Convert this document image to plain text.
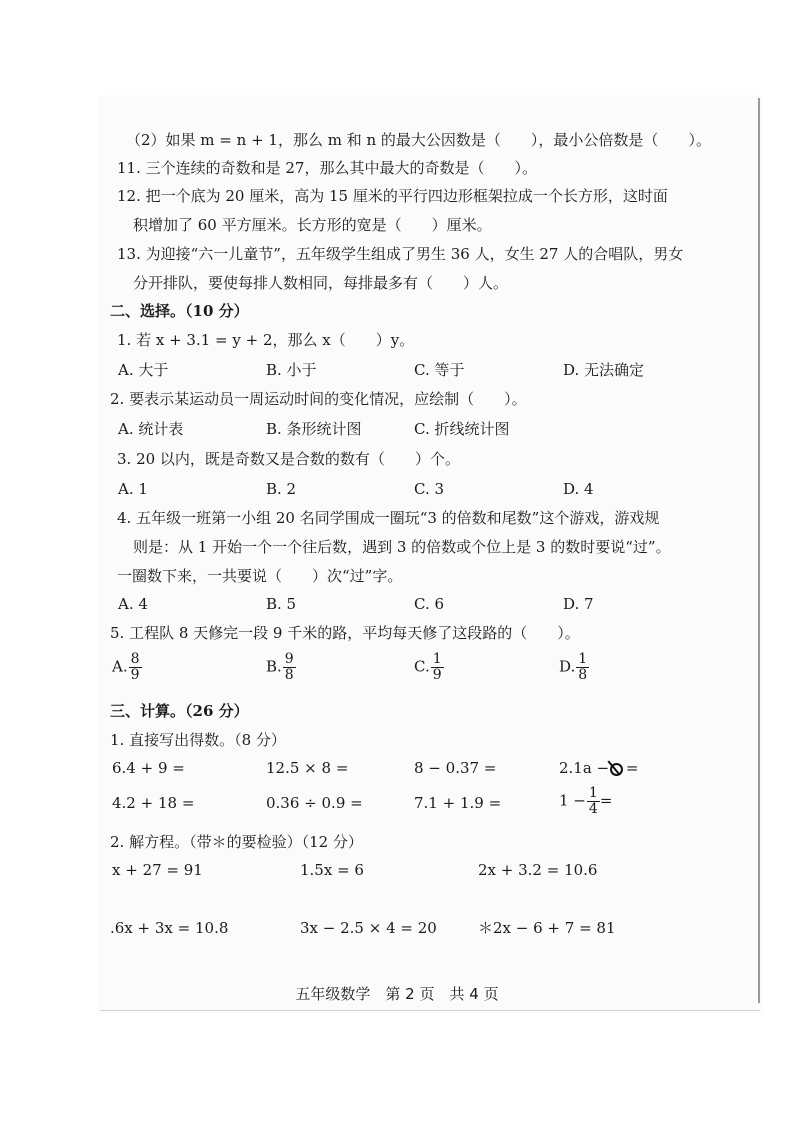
（2）如果 m = n + 1，那么 m 和 n 的最大公因数是（ ），最小公倍数是（ ）。
11. 三个连续的奇数和是 27，那么其中最大的奇数是（ ）。
12. 把一个底为 20 厘米，高为 15 厘米的平行四边形框架拉成一个长方形，这时面
积增加了 60 平方厘米。长方形的宽是（ ）厘米。
13. 为迎接“六一儿童节”，五年级学生组成了男生 36 人，女生 27 人的合唱队，男女
分开排队，要使每排人数相同，每排最多有（ ）人。
二、选择。（10 分）
1. 若 x + 3.1 = y + 2，那么 x（ ）y。
A. 大于	B. 小于	C. 等于	D. 无法确定
2. 要表示某运动员一周运动时间的变化情况，应绘制（ ）。
A. 统计表	B. 条形统计图	C. 折线统计图
3. 20 以内，既是奇数又是合数的数有（ ）个。
A. 1	B. 2	C. 3	D. 4
4. 五年级一班第一小组 20 名同学围成一圈玩“3 的倍数和尾数”这个游戏，游戏规
则是：从 1 开始一个一个往后数，遇到 3 的倍数或个位上是 3 的数时要说“过”。
一圈数下来，一共要说（ ）次“过”字。
A. 4	B. 5	C. 6	D. 7
5. 工程队 8 天修完一段 9 千米的路，平均每天修了这段路的（ ）。
A. $\frac{8}{9}$	B. $\frac{9}{8}$	C. $\frac{1}{9}$	D. $\frac{1}{8}$
三、计算。（26 分）
1. 直接写出得数。（8 分）
6.4 + 9 =	12.5 × 8 =	8 − 0.37 =	2.1a − =
4.2 + 18 =	0.36 ÷ 0.9 =	7.1 + 1.9 =	$1 - \frac{1}{4}$ =
2. 解方程。（带＊的要检验）（12 分）
x + 27 = 91	1.5x = 6	2x + 3.2 = 10.6
.6x + 3x = 10.8	3x − 2.5 × 4 = 20	＊2x − 6 + 7 = 81
五年级数学　第 2 页　共 4 页
